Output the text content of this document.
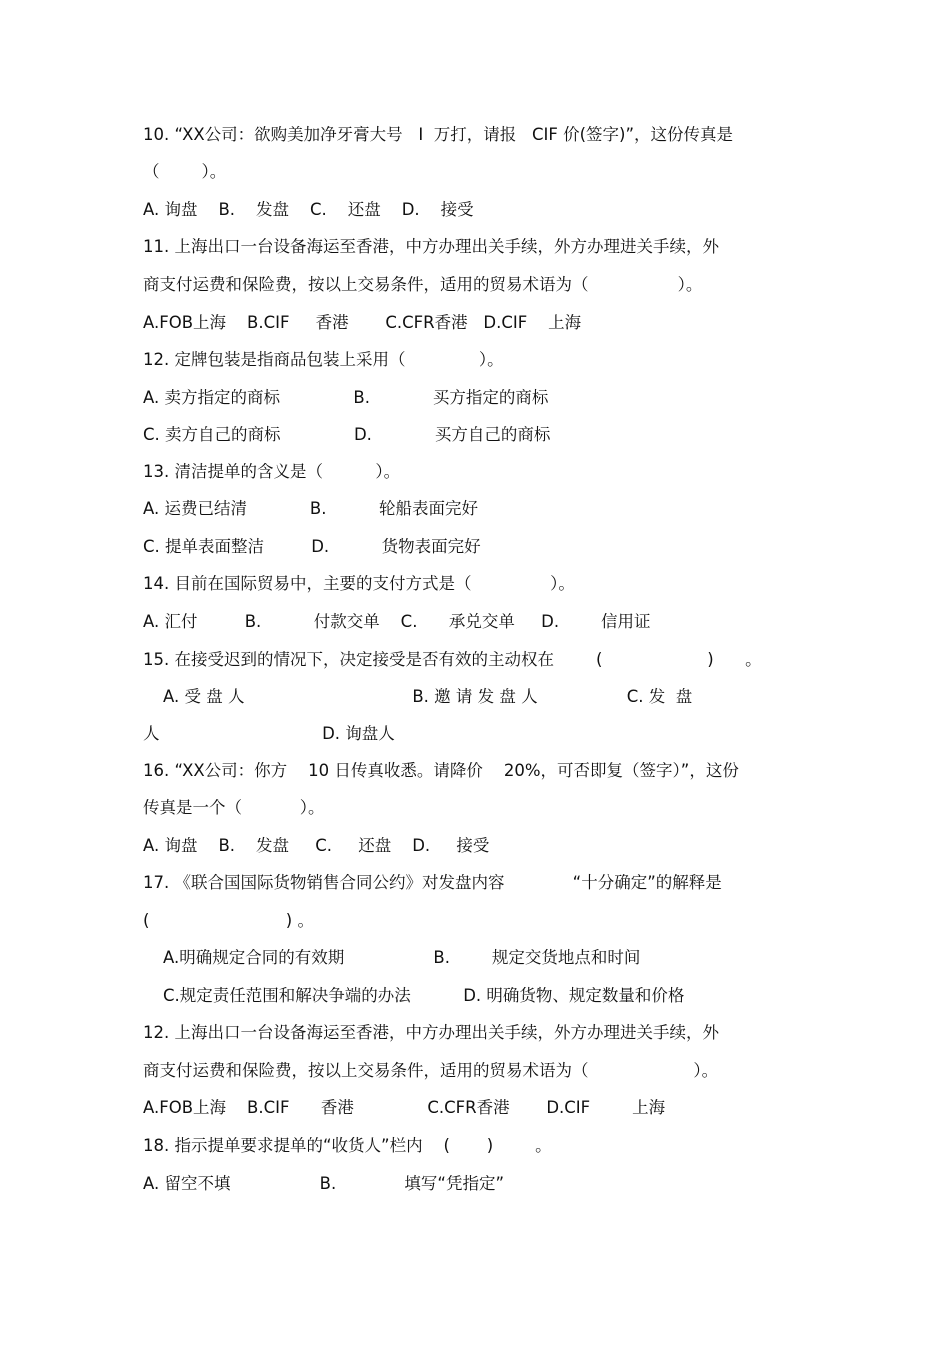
10. “XX公司：欲购美加净牙膏大号   I  万打，请报   CIF 价(签字)”，这份传真是
（        ）。
A. 询盘    B.    发盘    C.    还盘    D.    接受
11. 上海出口一台设备海运至香港，中方办理出关手续，外方办理进关手续，外
商支付运费和保险费，按以上交易条件，适用的贸易术语为（                 ）。
A.FOB上海    B.CIF     香港       C.CFR香港   D.CIF    上海
12. 定牌包装是指商品包装上采用（              ）。
A. 卖方指定的商标              B.            买方指定的商标
C. 卖方自己的商标              D.            买方自己的商标
13. 清洁提单的含义是（          ）。
A. 运费已结清            B.          轮船表面完好
C. 提单表面整洁         D.          货物表面完好
14. 目前在国际贸易中，主要的支付方式是（               ）。
A. 汇付         B.          付款交单    C.      承兑交单     D.        信用证
15. 在接受迟到的情况下，决定接受是否有效的主动权在        (                    )      。
A. 受 盘 人                                B. 邀 请 发 盘 人                 C. 发  盘
人                               D. 询盘人
16. “XX公司：你方    10 日传真收悉。请降价    20%，可否即复（签字）”，这份
传真是一个（           ）。
A. 询盘    B.    发盘     C.     还盘    D.     接受
17. 《联合国国际货物销售合同公约》对发盘内容             “十分确定”的解释是
(                          ) 。
A.明确规定合同的有效期                 B.        规定交货地点和时间
C.规定责任范围和解决争端的办法          D. 明确货物、规定数量和价格
12. 上海出口一台设备海运至香港，中方办理出关手续，外方办理进关手续，外
商支付运费和保险费，按以上交易条件，适用的贸易术语为（                    ）。
A.FOB上海    B.CIF      香港              C.CFR香港       D.CIF        上海
18. 指示提单要求提单的“收货人”栏内    (       )        。
A. 留空不填                 B.             填写“凭指定”
